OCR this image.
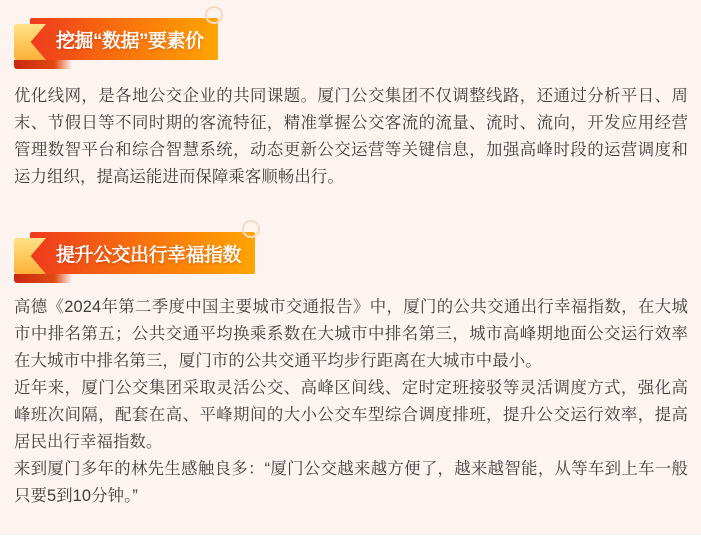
挖掘“数据”要素价

优化线网，是各地公交企业的共同课题。厦门公交集团不仅调整线路，还通过分析平日、周末、节假日等不同时期的客流特征，精准掌握公交客流的流量、流时、流向，开发应用经营管理数智平台和综合智慧系统，动态更新公交运营等关键信息，加强高峰时段的运营调度和运力组织，提高运能进而保障乘客顺畅出行。

提升公交出行幸福指数

高德《2024年第二季度中国主要城市交通报告》中，厦门的公共交通出行幸福指数，在大城市中排名第五；公共交通平均换乘系数在大城市中排名第三，城市高峰期地面公交运行效率在大城市中排名第三，厦门市的公共交通平均步行距离在大城市中最小。

近年来，厦门公交集团采取灵活公交、高峰区间线、定时定班接驳等灵活调度方式，强化高峰班次间隔，配套在高、平峰期间的大小公交车型综合调度排班，提升公交运行效率，提高居民出行幸福指数。

来到厦门多年的林先生感触良多：“厦门公交越来越方便了，越来越智能，从等车到上车一般只要5到10分钟。”
